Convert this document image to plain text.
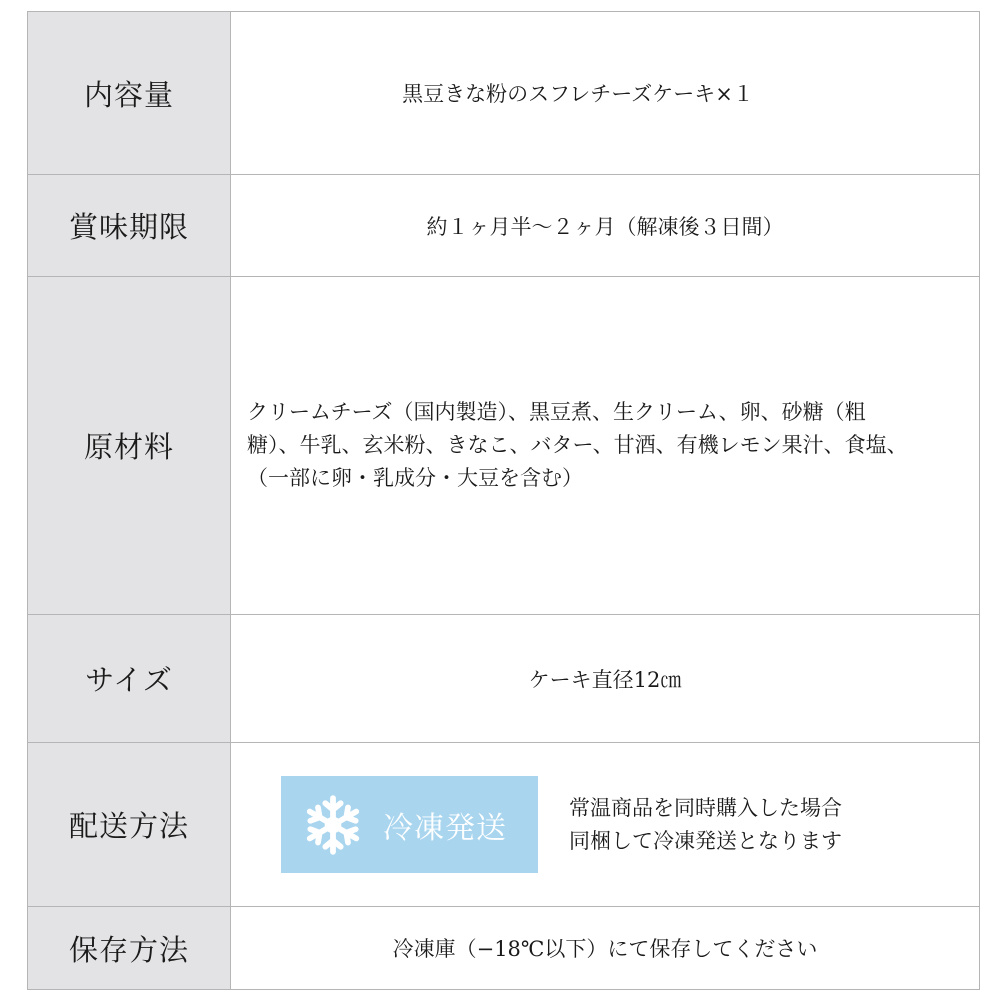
内容量	黒豆きな粉のスフレチーズケーキ×１
賞味期限	約１ヶ月半～２ヶ月（解凍後３日間）
原材料	クリームチーズ（国内製造）、黒豆煮、生クリーム、卵、砂糖（粗
糖）、牛乳、玄米粉、きなこ、バター、甘酒、有機レモン果汁、食塩、
（一部に卵・乳成分・大豆を含む）

サイズ	ケーキ直径12㎝
配送方法	冷凍発送
常温商品を同時購入した場合
同梱して冷凍発送となります

保存方法	冷凍庫（−18℃以下）にて保存してください
